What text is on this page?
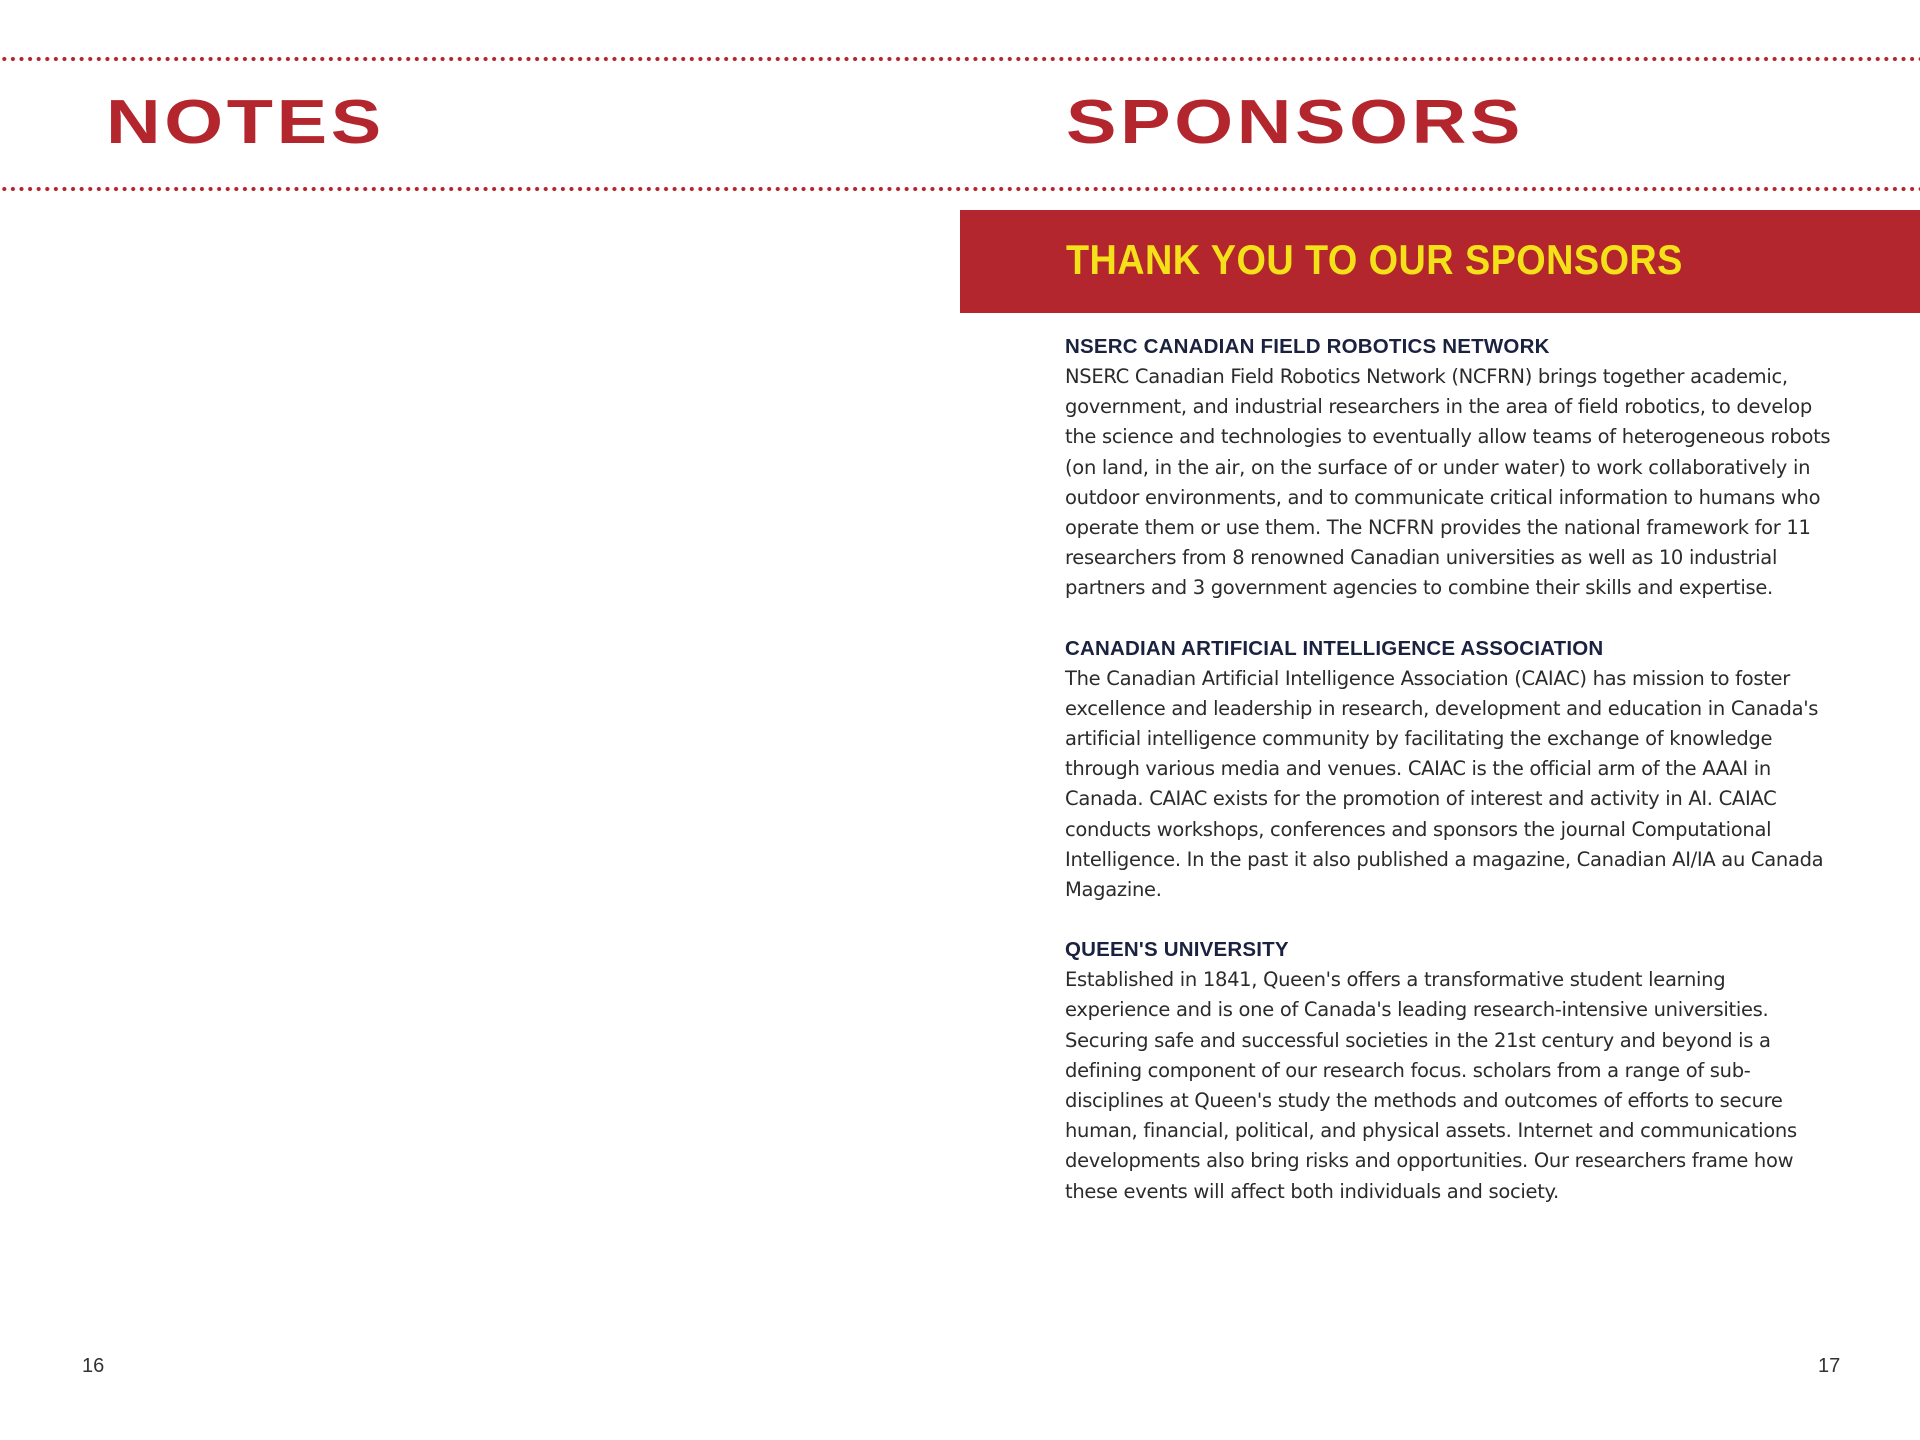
NOTES	SPONSORS
THANK YOU TO OUR SPONSORS
NSERC CANADIAN FIELD ROBOTICS NETWORK
NSERC Canadian Field Robotics Network (NCFRN) brings together academic, government, and industrial researchers in the area of field robotics, to develop the science and technologies to eventually allow teams of heterogeneous robots (on land, in the air, on the surface of or under water) to work collaboratively in outdoor environments, and to communicate critical information to humans who operate them or use them. The NCFRN provides the national framework for 11 researchers from 8 renowned Canadian universities as well as 10 industrial partners and 3 government agencies to combine their skills and expertise.
CANADIAN ARTIFICIAL INTELLIGENCE ASSOCIATION
The Canadian Artificial Intelligence Association (CAIAC) has mission to foster excellence and leadership in research, development and education in Canada's artificial intelligence community by facilitating the exchange of knowledge through various media and venues. CAIAC is the official arm of the AAAI in Canada. CAIAC exists for the promotion of interest and activity in AI. CAIAC conducts workshops, conferences and sponsors the journal Computational Intelligence. In the past it also published a magazine, Canadian AI/IA au Canada Magazine.
QUEEN'S UNIVERSITY
Established in 1841, Queen's offers a transformative student learning experience and is one of Canada's leading research-intensive universities. Securing safe and successful societies in the 21st century and beyond is a defining component of our research focus. scholars from a range of sub-disciplines at Queen's study the methods and outcomes of efforts to secure human, financial, political, and physical assets. Internet and communications developments also bring risks and opportunities. Our researchers frame how these events will affect both individuals and society.
16	17
